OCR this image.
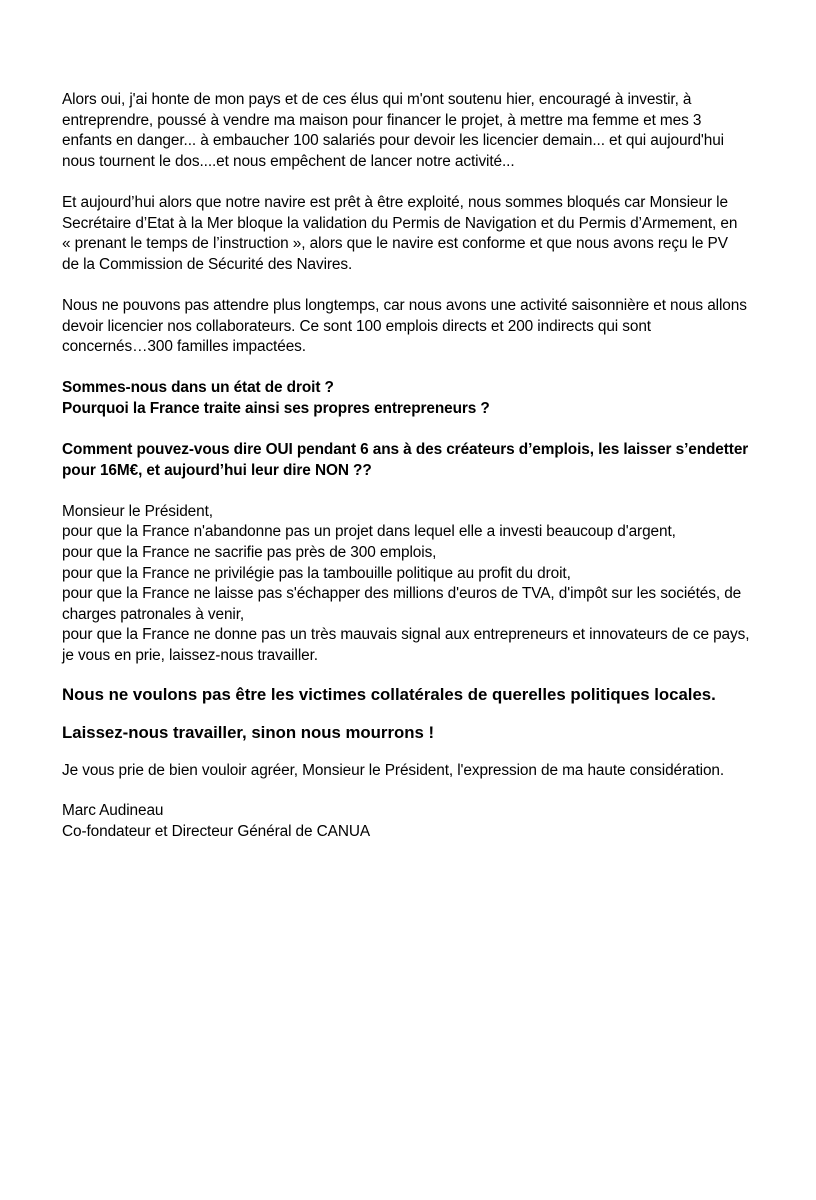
Alors oui, j'ai honte de mon pays et de ces élus qui m'ont soutenu hier, encouragé à investir, à
entreprendre, poussé à vendre ma maison pour financer le projet, à mettre ma femme et mes 3
enfants en danger... à embaucher 100 salariés pour devoir les licencier demain... et qui aujourd'hui
nous tournent le dos....et nous empêchent de lancer notre activité...

Et aujourd’hui alors que notre navire est prêt à être exploité, nous sommes bloqués car Monsieur le
Secrétaire d’Etat à la Mer bloque la validation du Permis de Navigation et du Permis d’Armement, en
« prenant le temps de l’instruction », alors que le navire est conforme et que nous avons reçu le PV
de la Commission de Sécurité des Navires.

Nous ne pouvons pas attendre plus longtemps, car nous avons une activité saisonnière et nous allons
devoir licencier nos collaborateurs. Ce sont 100 emplois directs et 200 indirects qui sont
concernés…300 familles impactées.

Sommes-nous dans un état de droit ?
Pourquoi la France traite ainsi ses propres entrepreneurs ?

Comment pouvez-vous dire OUI pendant 6 ans à des créateurs d’emplois, les laisser s’endetter
pour 16M€, et aujourd’hui leur dire NON ??

Monsieur le Président,
pour que la France n'abandonne pas un projet dans lequel elle a investi beaucoup d'argent,
pour que la France ne sacrifie pas près de 300 emplois,
pour que la France ne privilégie pas la tambouille politique au profit du droit,
pour que la France ne laisse pas s'échapper des millions d'euros de TVA, d'impôt sur les sociétés, de
charges patronales à venir,
pour que la France ne donne pas un très mauvais signal aux entrepreneurs et innovateurs de ce pays,
je vous en prie, laissez-nous travailler.

Nous ne voulons pas être les victimes collatérales de querelles politiques locales.

Laissez-nous travailler, sinon nous mourrons !

Je vous prie de bien vouloir agréer, Monsieur le Président, l'expression de ma haute considération.

Marc Audineau
Co-fondateur et Directeur Général de CANUA
